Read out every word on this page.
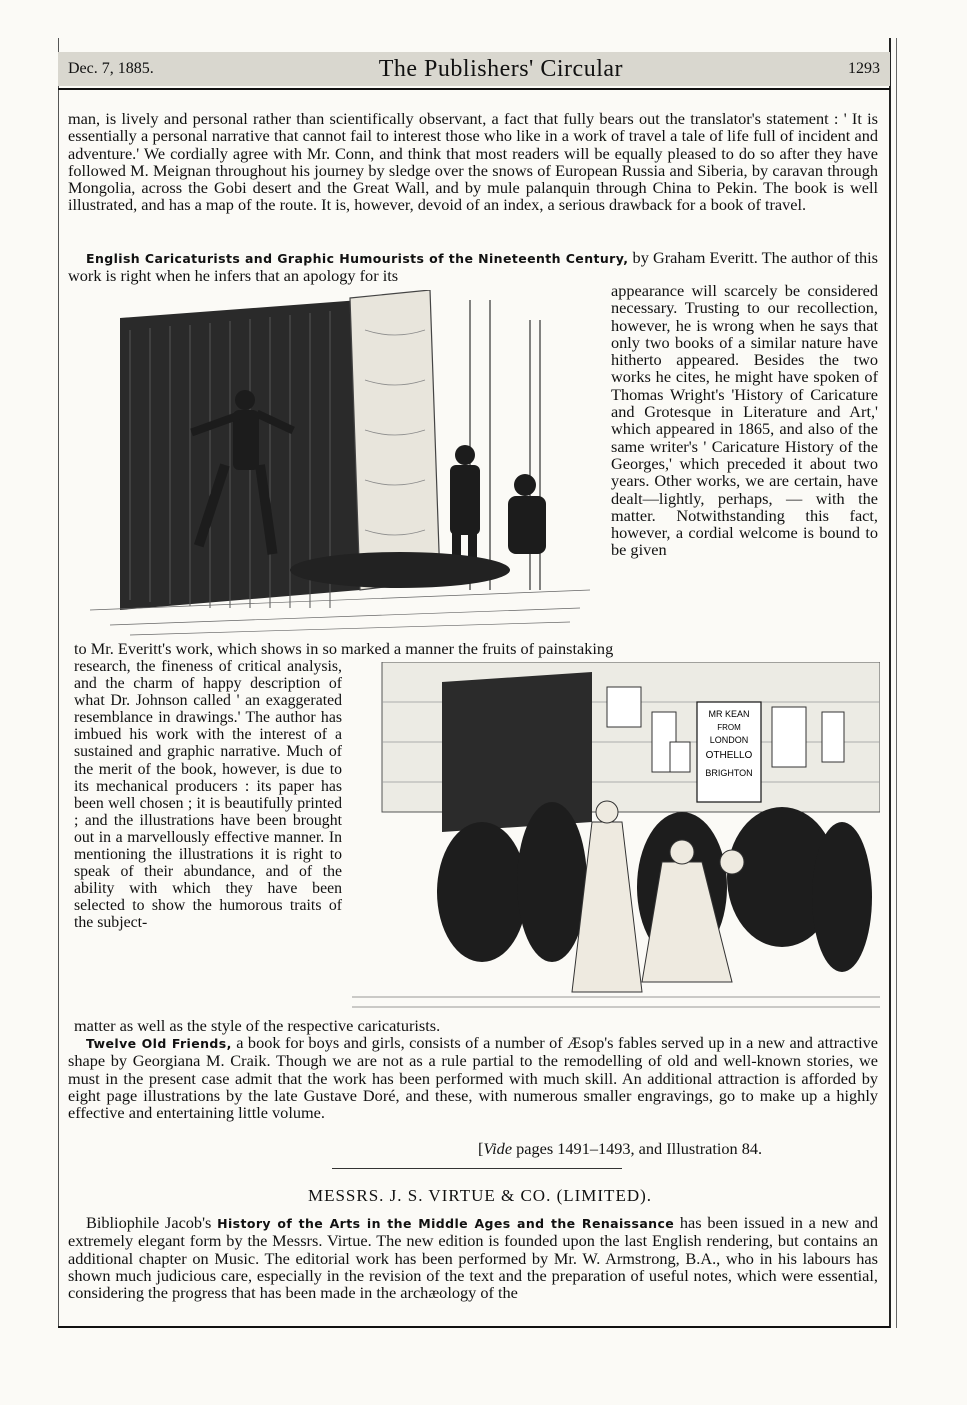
Dec. 7, 1885.	The Publishers' Circular	1293

man, is lively and personal rather than scientifically observant, a fact that fully bears out the translator's statement : ' It is essentially a personal narrative that cannot fail to interest those who like in a work of travel a tale of life full of incident and adventure.' We cordially agree with Mr. Conn, and think that most readers will be equally pleased to do so after they have followed M. Meignan throughout his journey by sledge over the snows of European Russia and Siberia, by caravan through Mongolia, across the Gobi desert and the Great Wall, and by mule palanquin through China to Pekin. The book is well illustrated, and has a map of the route. It is, however, devoid of an index, a serious drawback for a book of travel.

English Caricaturists and Graphic Humourists of the Nineteenth Century, by Graham Everitt. The author of this work is right when he infers that an apology for its

appearance will scarcely be considered necessary. Trusting to our recollection, however, he is wrong when he says that only two books of a similar nature have hitherto appeared. Besides the two works he cites, he might have spoken of Thomas Wright's 'History of Caricature and Grotesque in Literature and Art,' which appeared in 1865, and also of the same writer's ' Caricature History of the Georges,' which preceded it about two years. Other works, we are certain, have dealt—lightly, perhaps, — with the matter. Notwithstanding this fact, however, a cordial welcome is bound to be given

to Mr. Everitt's work, which shows in so marked a manner the fruits of painstaking

research, the fineness of critical analysis, and the charm of happy description of what Dr. Johnson called ' an exaggerated resemblance in drawings.' The author has imbued his work with the interest of a sustained and graphic narrative. Much of the merit of the book, however, is due to its mechanical producers : its paper has been well chosen ; it is beautifully printed ; and the illustrations have been brought out in a marvellously effective manner. In mentioning the illustrations it is right to speak of their abundance, and of the ability with which they have been selected to show the humorous traits of the subject-

MR KEAN
FROM
LONDON
OTHELLO
BRIGHTON

matter as well as the style of the respective caricaturists.

Twelve Old Friends, a book for boys and girls, consists of a number of Æsop's fables served up in a new and attractive shape by Georgiana M. Craik. Though we are not as a rule partial to the remodelling of old and well-known stories, we must in the present case admit that the work has been performed with much skill. An additional attraction is afforded by eight page illustrations by the late Gustave Doré, and these, with numerous smaller engravings, go to make up a highly effective and entertaining little volume.

[Vide pages 1491–1493, and Illustration 84.
MESSRS. J. S. VIRTUE & CO. (LIMITED).

Bibliophile Jacob's History of the Arts in the Middle Ages and the Renaissance has been issued in a new and extremely elegant form by the Messrs. Virtue. The new edition is founded upon the last English rendering, but contains an additional chapter on Music. The editorial work has been performed by Mr. W. Armstrong, B.A., who in his labours has shown much judicious care, especially in the revision of the text and the preparation of useful notes, which were essential, considering the progress that has been made in the archæology of the
